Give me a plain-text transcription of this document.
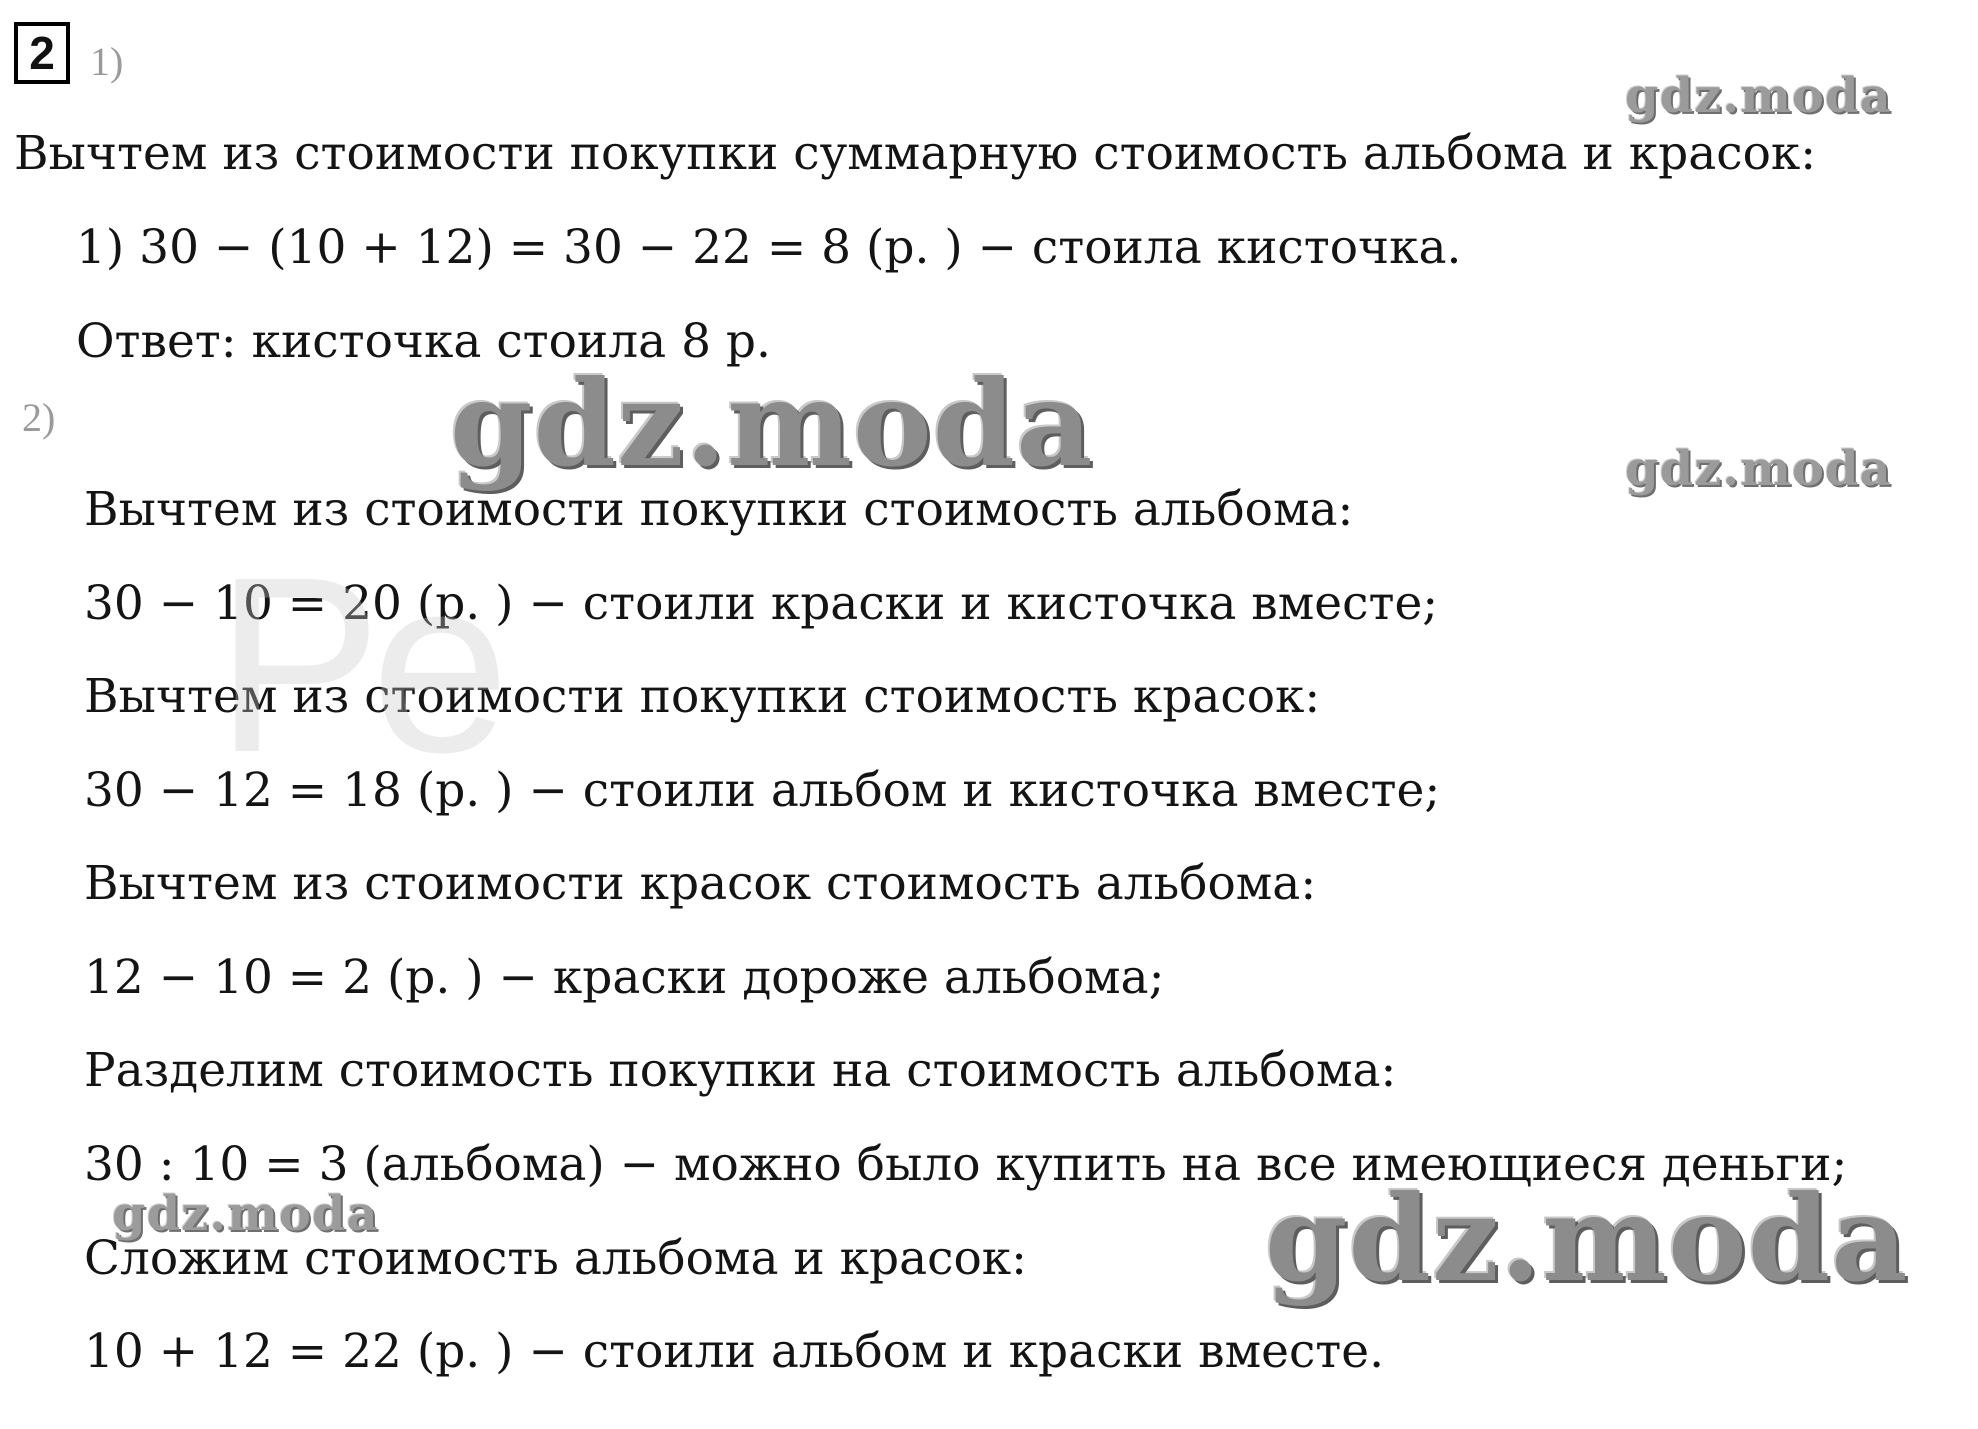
2 1)
Вычтем из стоимости покупки суммарную стоимость альбома и красок:
1) 30 − (10 + 12) = 30 − 22 = 8 (р. ) − стоила кисточка.
Ответ: кисточка стоила 8 р.
2)
Вычтем из стоимости покупки стоимость альбома:
30 − 10 = 20 (р. ) − стоили краски и кисточка вместе;
Вычтем из стоимости покупки стоимость красок:
30 − 12 = 18 (р. ) − стоили альбом и кисточка вместе;
Вычтем из стоимости красок стоимость альбома:
12 − 10 = 2 (р. ) − краски дороже альбома;
Разделим стоимость покупки на стоимость альбома:
30 : 10 = 3 (альбома) − можно было купить на все имеющиеся деньги;
Сложим стоимость альбома и красок:
10 + 12 = 22 (р. ) − стоили альбом и краски вместе.
Ре
gdz.moda
gdz.moda	gdz.moda
gdz.moda	gdz.moda
